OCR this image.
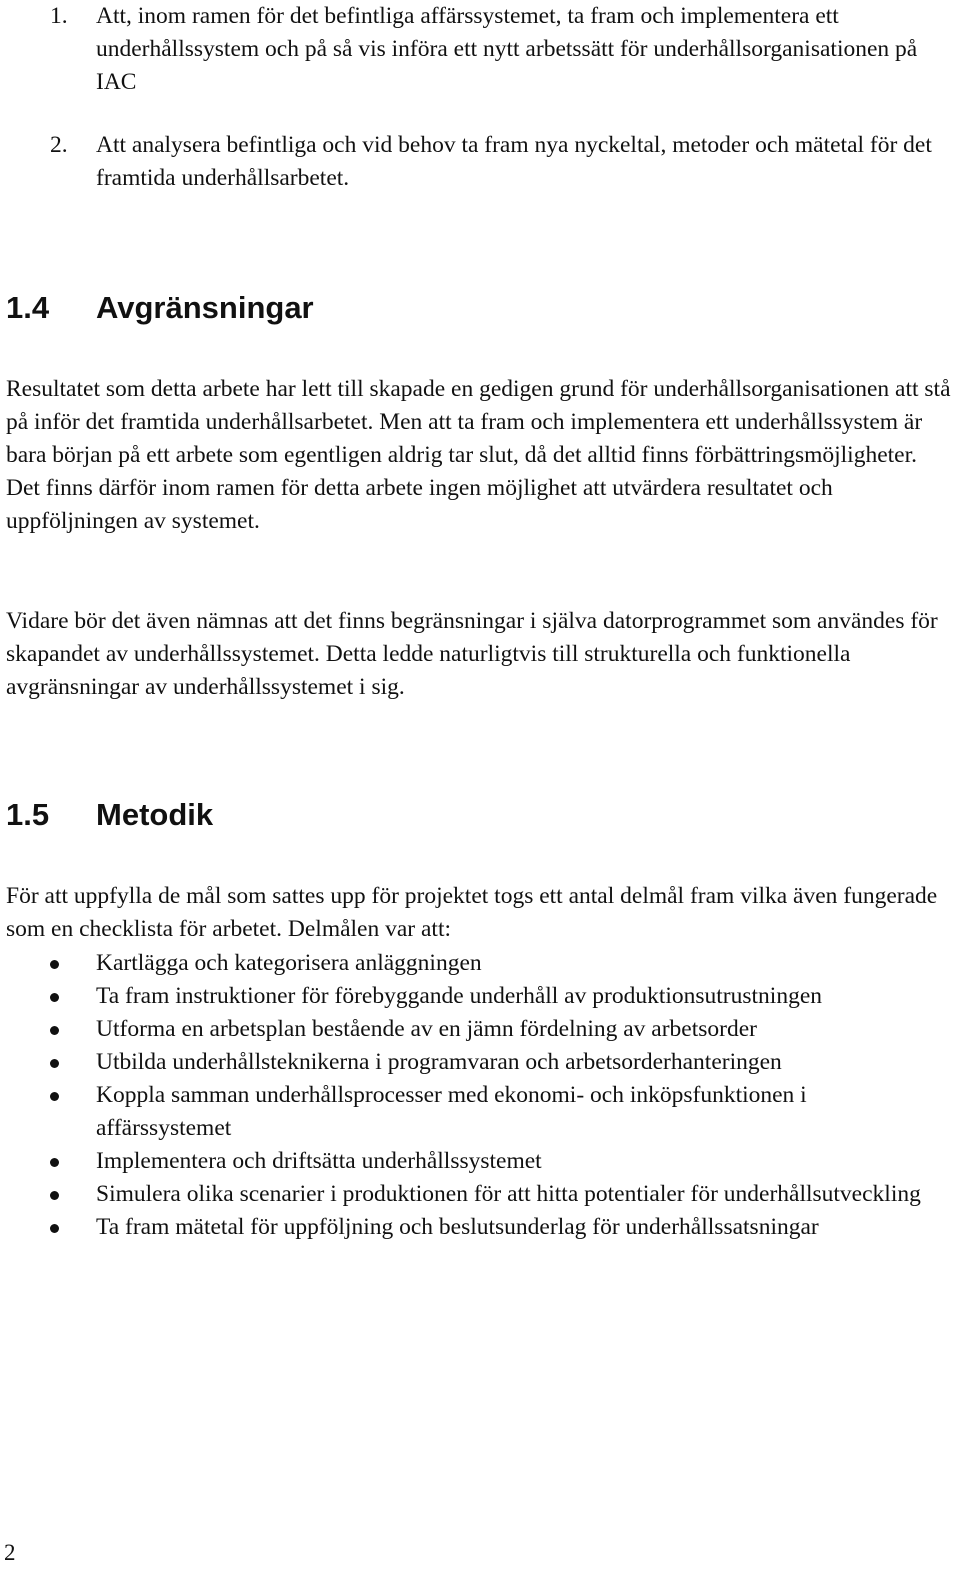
1. Att, inom ramen för det befintliga affärssystemet, ta fram och implementera ett underhållssystem och på så vis införa ett nytt arbetssätt för underhållsorganisationen på IAC
2. Att analysera befintliga och vid behov ta fram nya nyckeltal, metoder och mätetal för det framtida underhållsarbetet.
1.4 Avgränsningar

Resultatet som detta arbete har lett till skapade en gedigen grund för underhållsorganisationen att stå på inför det framtida underhållsarbetet. Men att ta fram och implementera ett underhållssystem är bara början på ett arbete som egentligen aldrig tar slut, då det alltid finns förbättringsmöjligheter. Det finns därför inom ramen för detta arbete ingen möjlighet att utvärdera resultatet och uppföljningen av systemet.

Vidare bör det även nämnas att det finns begränsningar i själva datorprogrammet som användes för skapandet av underhållssystemet. Detta ledde naturligtvis till strukturella och funktionella avgränsningar av underhållssystemet i sig.

1.5 Metodik

För att uppfylla de mål som sattes upp för projektet togs ett antal delmål fram vilka även fungerade som en checklista för arbetet. Delmålen var att:

Kartlägga och kategorisera anläggningen
Ta fram instruktioner för förebyggande underhåll av produktionsutrustningen
Utforma en arbetsplan bestående av en jämn fördelning av arbetsorder
Utbilda underhållsteknikerna i programvaran och arbetsorderhanteringen
Koppla samman underhållsprocesser med ekonomi- och inköpsfunktionen i affärssystemet
Implementera och driftsätta underhållssystemet
Simulera olika scenarier i produktionen för att hitta potentialer för underhållsutveckling
Ta fram mätetal för uppföljning och beslutsunderlag för underhållssatsningar
2
